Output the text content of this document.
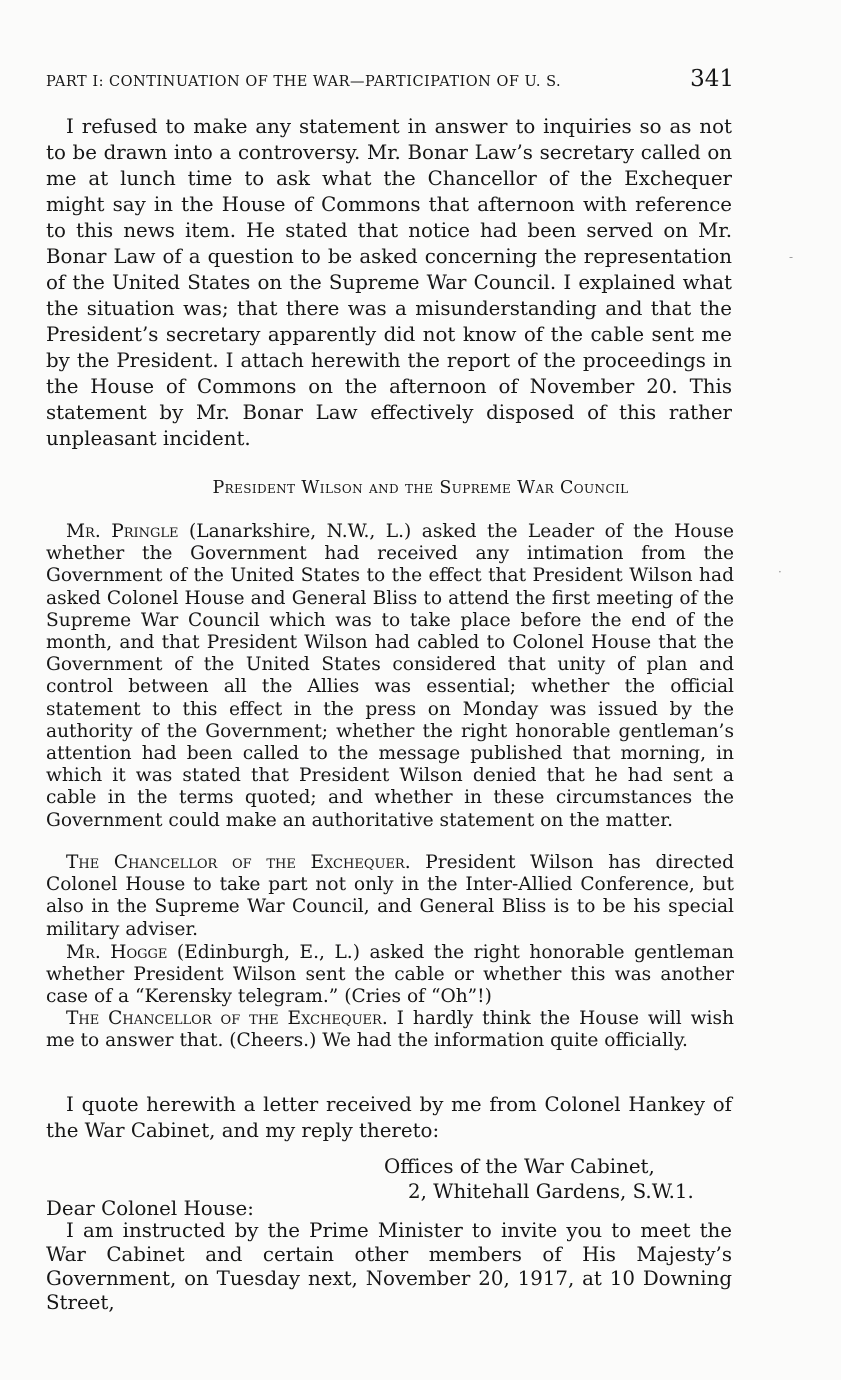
PART I: CONTINUATION OF THE WAR—PARTICIPATION OF U. S.	341

I refused to make any statement in answer to inquiries so as not to be drawn into a controversy. Mr. Bonar Law’s secretary called on me at lunch time to ask what the Chancellor of the Exchequer might say in the House of Commons that afternoon with reference to this news item. He stated that notice had been served on Mr. Bonar Law of a question to be asked concerning the representation of the United States on the Supreme War Council. I explained what the situation was; that there was a misunderstanding and that the President’s secretary apparently did not know of the cable sent me by the President. I attach herewith the report of the proceedings in the House of Commons on the afternoon of November 20. This statement by Mr. Bonar Law effectively disposed of this rather unpleasant incident.

President Wilson and the Supreme War Council

Mr. Pringle (Lanarkshire, N.W., L.) asked the Leader of the House whether the Government had received any intimation from the Government of the United States to the effect that President Wilson had asked Colonel House and General Bliss to attend the first meeting of the Supreme War Council which was to take place before the end of the month, and that President Wilson had cabled to Colonel House that the Government of the United States considered that unity of plan and control between all the Allies was essential; whether the official statement to this effect in the press on Monday was issued by the authority of the Government; whether the right honorable gentleman’s attention had been called to the message published that morning, in which it was stated that President Wilson denied that he had sent a cable in the terms quoted; and whether in these circumstances the Government could make an authoritative statement on the matter.

The Chancellor of the Exchequer. President Wilson has directed Colonel House to take part not only in the Inter-Allied Conference, but also in the Supreme War Council, and General Bliss is to be his special military adviser.

Mr. Hogge (Edinburgh, E., L.) asked the right honorable gentleman whether President Wilson sent the cable or whether this was another case of a “Kerensky telegram.” (Cries of “Oh”!)

The Chancellor of the Exchequer. I hardly think the House will wish me to answer that. (Cheers.) We had the information quite officially.

I quote herewith a letter received by me from Colonel Hankey of the War Cabinet, and my reply thereto:

Offices of the War Cabinet,
2, Whitehall Gardens, S.W.1.
Dear Colonel House:

I am instructed by the Prime Minister to invite you to meet the War Cabinet and certain other members of His Majesty’s Government, on Tuesday next, November 20, 1917, at 10 Downing Street,

-
·
